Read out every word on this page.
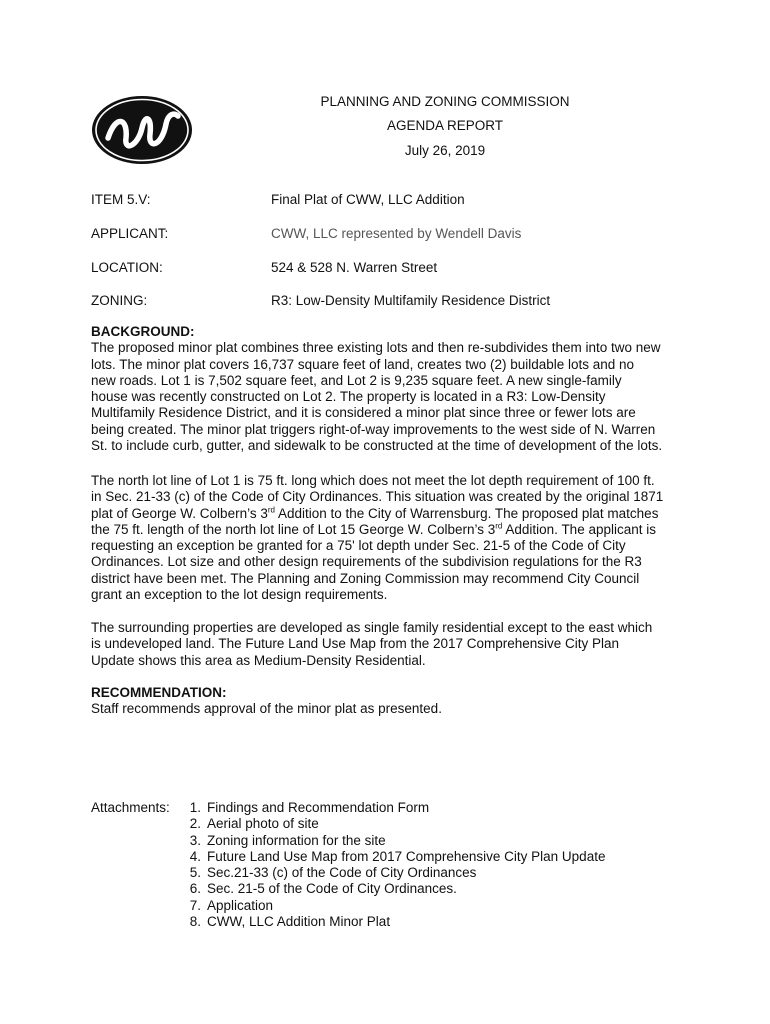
PLANNING AND ZONING COMMISSION
AGENDA REPORT
July 26, 2019
ITEM 5.V:	Final Plat of CWW, LLC Addition
APPLICANT:	CWW, LLC represented by Wendell Davis
LOCATION:	524 & 528 N. Warren Street
ZONING:	R3: Low-Density Multifamily Residence District
BACKGROUND:
The proposed minor plat combines three existing lots and then re-subdivides them into two new
lots. The minor plat covers 16,737 square feet of land, creates two (2) buildable lots and no
new roads. Lot 1 is 7,502 square feet, and Lot 2 is 9,235 square feet. A new single-family
house was recently constructed on Lot 2. The property is located in a R3: Low-Density
Multifamily Residence District, and it is considered a minor plat since three or fewer lots are
being created. The minor plat triggers right-of-way improvements to the west side of N. Warren
St. to include curb, gutter, and sidewalk to be constructed at the time of development of the lots.
The north lot line of Lot 1 is 75 ft. long which does not meet the lot depth requirement of 100 ft.
in Sec. 21-33 (c) of the Code of City Ordinances. This situation was created by the original 1871
plat of George W. Colbern’s 3rd Addition to the City of Warrensburg. The proposed plat matches
the 75 ft. length of the north lot line of Lot 15 George W. Colbern’s 3rd Addition. The applicant is
requesting an exception be granted for a 75' lot depth under Sec. 21-5 of the Code of City
Ordinances. Lot size and other design requirements of the subdivision regulations for the R3
district have been met. The Planning and Zoning Commission may recommend City Council
grant an exception to the lot design requirements.
The surrounding properties are developed as single family residential except to the east which
is undeveloped land. The Future Land Use Map from the 2017 Comprehensive City Plan
Update shows this area as Medium-Density Residential.
RECOMMENDATION:
Staff recommends approval of the minor plat as presented.
Attachments:	1. Findings and Recommendation Form
2. Aerial photo of site
3. Zoning information for the site
4. Future Land Use Map from 2017 Comprehensive City Plan Update
5. Sec.21-33 (c) of the Code of City Ordinances
6. Sec. 21-5 of the Code of City Ordinances.
7. Application
8. CWW, LLC Addition Minor Plat
